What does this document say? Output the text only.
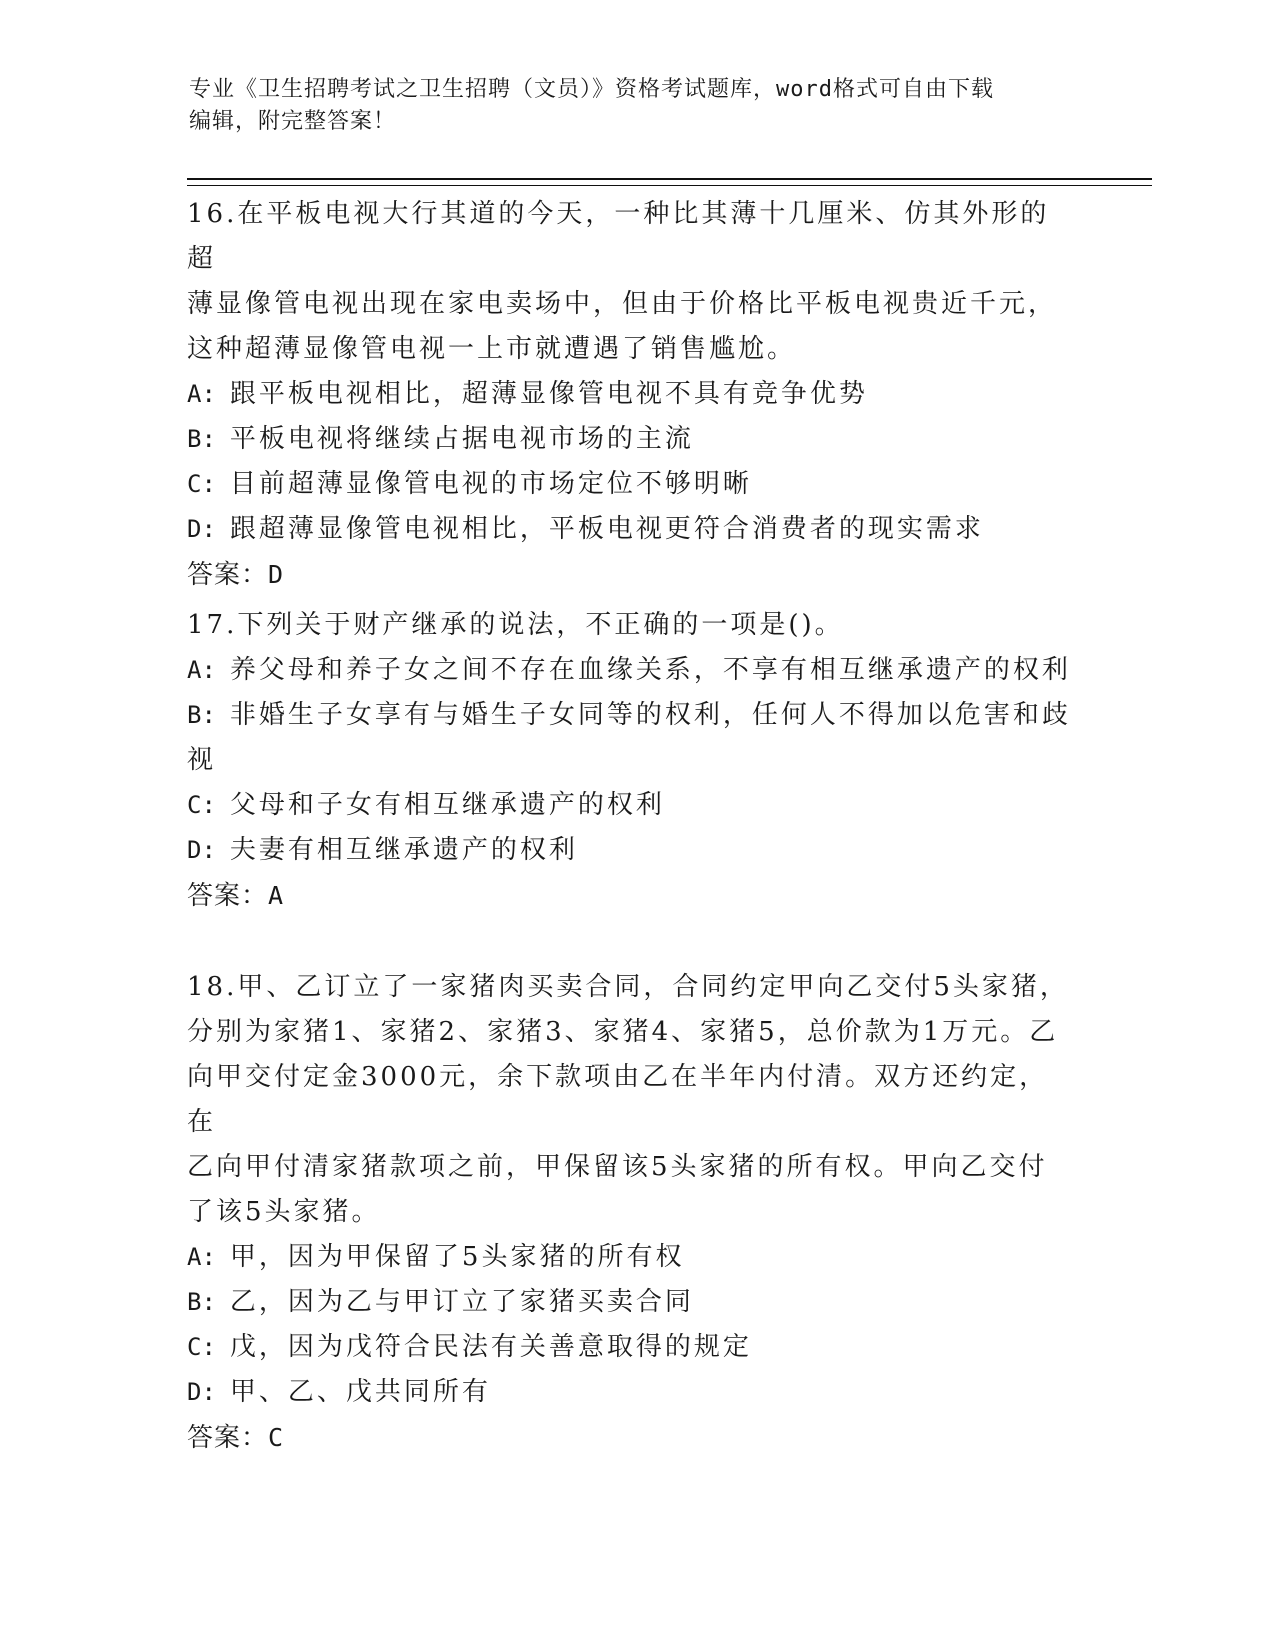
专业《卫生招聘考试之卫生招聘（文员）》资格考试题库，word格式可自由下载
编辑，附完整答案！

16.在平板电视大行其道的今天，一种比其薄十几厘米、仿其外形的超

薄显像管电视出现在家电卖场中，但由于价格比平板电视贵近千元，

这种超薄显像管电视一上市就遭遇了销售尴尬。

A: 跟平板电视相比，超薄显像管电视不具有竞争优势

B: 平板电视将继续占据电视市场的主流

C: 目前超薄显像管电视的市场定位不够明晰

D: 跟超薄显像管电视相比，平板电视更符合消费者的现实需求

答案：D

17.下列关于财产继承的说法，不正确的一项是()。

A: 养父母和养子女之间不存在血缘关系，不享有相互继承遗产的权利

B: 非婚生子女享有与婚生子女同等的权利，任何人不得加以危害和歧

视

C: 父母和子女有相互继承遗产的权利

D: 夫妻有相互继承遗产的权利

答案：A

18.甲、乙订立了一家猪肉买卖合同，合同约定甲向乙交付5头家猪，

分别为家猪1、家猪2、家猪3、家猪4、家猪5，总价款为1万元。乙

向甲交付定金3000元，余下款项由乙在半年内付清。双方还约定，在

乙向甲付清家猪款项之前，甲保留该5头家猪的所有权。甲向乙交付

了该5头家猪。

A: 甲，因为甲保留了5头家猪的所有权

B: 乙，因为乙与甲订立了家猪买卖合同

C: 戊，因为戊符合民法有关善意取得的规定

D: 甲、乙、戊共同所有

答案：C
